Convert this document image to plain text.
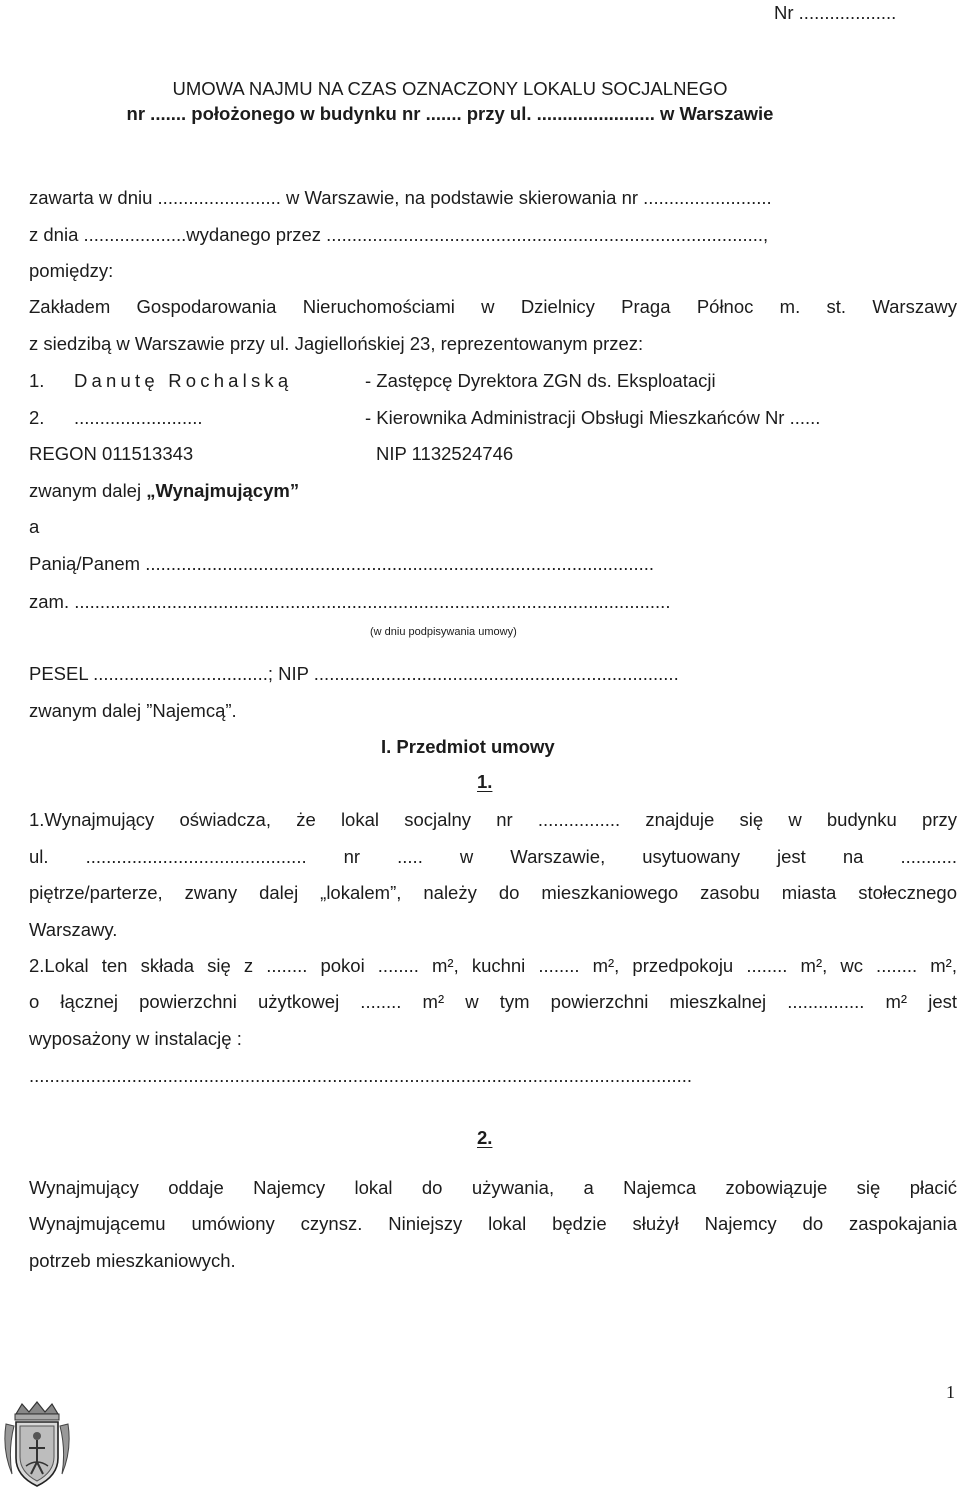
Nr ...................
UMOWA NAJMU NA CZAS OZNACZONY LOKALU SOCJALNEGO
nr ....... położonego w budynku nr ....... przy ul. ....................... w Warszawie
zawarta w dniu ........................ w Warszawie, na podstawie skierowania nr .........................
z dnia ....................wydanego przez .....................................................................................,
pomiędzy:
Zakładem Gospodarowania Nieruchomościami w Dzielnicy Praga Północ m. st. Warszawy
z siedzibą w Warszawie przy ul. Jagiellońskiej 23, reprezentowanym przez:
1. Danutę Rochalską	- Zastępcę Dyrektora ZGN ds. Eksploatacji
2. .........................	- Kierownika Administracji Obsługi Mieszkańców Nr ......
REGON 011513343	NIP 1132524746
zwanym dalej „Wynajmującym”
a
Panią/Panem ...................................................................................................
zam. ....................................................................................................................
(w dniu podpisywania umowy)
PESEL ..................................; NIP .......................................................................
zwanym dalej ”Najemcą”.
I. Przedmiot umowy
1.
1.Wynajmujący oświadcza, że lokal socjalny nr ................ znajduje się w budynku przy
ul. ........................................... nr ..... w Warszawie, usytuowany jest na ...........
piętrze/parterze, zwany dalej „lokalem”, należy do mieszkaniowego zasobu miasta stołecznego
Warszawy.
2.Lokal ten składa się z ........ pokoi ........ m², kuchni ........ m², przedpokoju ........ m², wc ........ m²,
o łącznej powierzchni użytkowej ........ m² w tym powierzchni mieszkalnej ............... m² jest
wyposażony w instalację :
.................................................................................................................................
2.
Wynajmujący oddaje Najemcy lokal do używania, a Najemca zobowiązuje się płacić
Wynajmującemu umówiony czynsz. Niniejszy lokal będzie służył Najemcy do zaspokajania
potrzeb mieszkaniowych.
1
